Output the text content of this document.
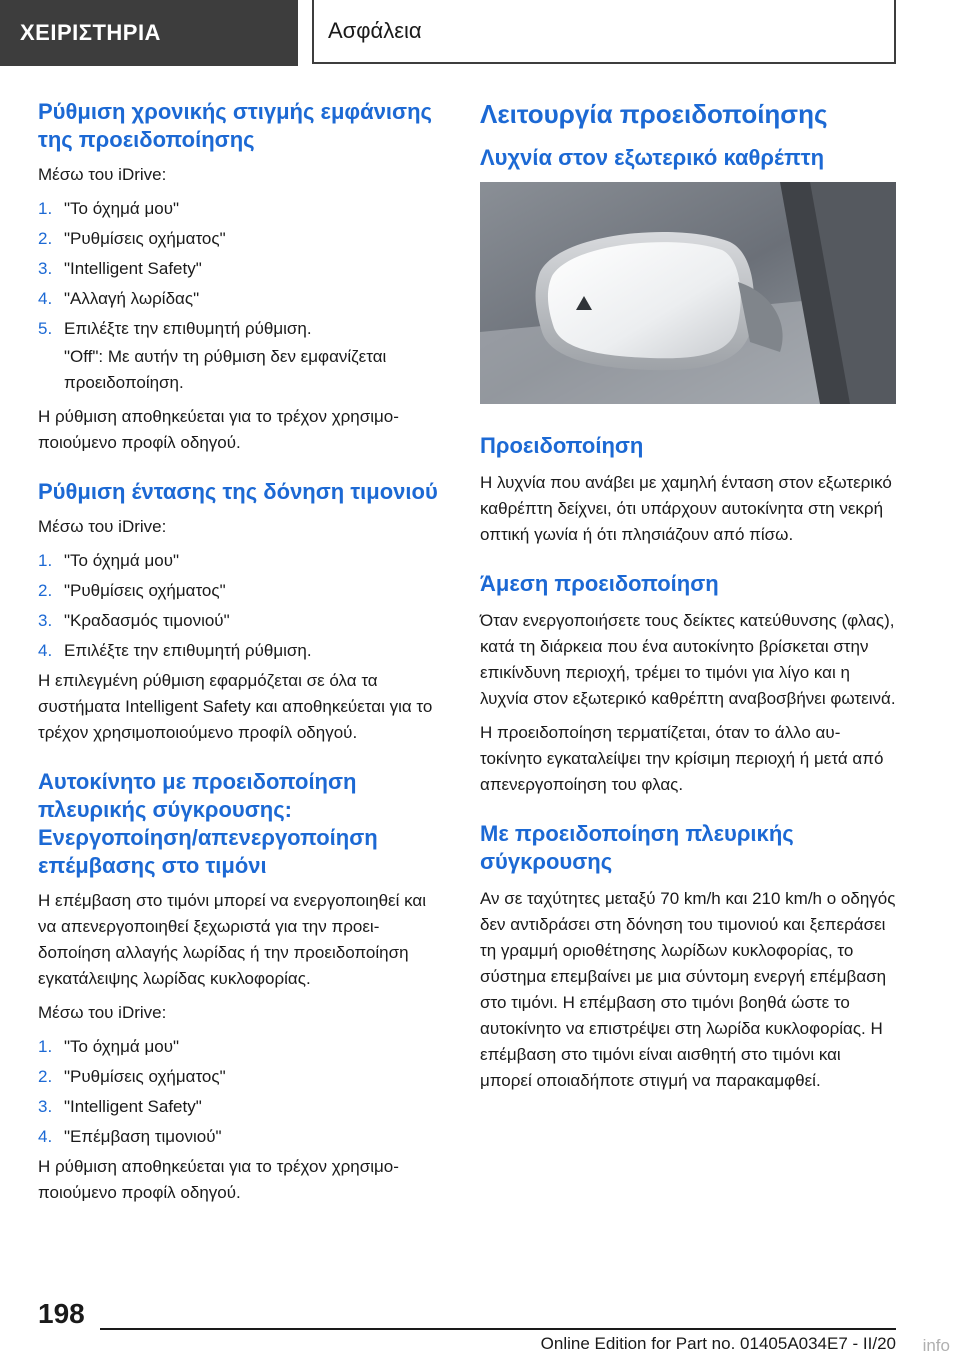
ΧΕΙΡΙΣΤΗΡΙΑ	Ασφάλεια
Ρύθμιση χρονικής στιγμής εμφάνισης της προειδοποίησης

Μέσω του iDrive:

1. "Το όχημά μου"
2. "Ρυθμίσεις οχήματος"
3. "Intelligent Safety"
4. "Αλλαγή λωρίδας"
5. Επιλέξτε την επιθυμητή ρύθμιση.

"Off": Με αυτήν τη ρύθμιση δεν εμφανίζεται προειδοποίηση.

Η ρύθμιση αποθηκεύεται για το τρέχον χρησιμοποιούμενο προφίλ οδηγού.

Ρύθμιση έντασης της δόνηση τιμονιού

Μέσω του iDrive:

1. "Το όχημά μου"
2. "Ρυθμίσεις οχήματος"
3. "Κραδασμός τιμονιού"
4. Επιλέξτε την επιθυμητή ρύθμιση.

Η επιλεγμένη ρύθμιση εφαρμόζεται σε όλα τα συστήματα Intelligent Safety και αποθηκεύεται για το τρέχον χρησιμοποιούμενο προφίλ οδηγού.

Αυτοκίνητο με προειδοποίηση πλευρικής σύγκρουσης: Ενεργοποίηση/απενεργοποίηση επέμβασης στο τιμόνι

Η επέμβαση στο τιμόνι μπορεί να ενεργοποιηθεί και να απενεργοποιηθεί ξεχωριστά για την προειδοποίηση αλλαγής λωρίδας ή την προειδοποίηση εγκατάλειψης λωρίδας κυκλοφορίας.

Μέσω του iDrive:

1. "Το όχημά μου"
2. "Ρυθμίσεις οχήματος"
3. "Intelligent Safety"
4. "Επέμβαση τιμονιού"

Η ρύθμιση αποθηκεύεται για το τρέχον χρησιμοποιούμενο προφίλ οδηγού.

Λειτουργία προειδοποίησης
Λυχνία στον εξωτερικό καθρέπτη
Προειδοποίηση

Η λυχνία που ανάβει με χαμηλή ένταση στον εξωτερικό καθρέπτη δείχνει, ότι υπάρχουν αυτοκίνητα στη νεκρή οπτική γωνία ή ότι πλησιάζουν από πίσω.

Άμεση προειδοποίηση

Όταν ενεργοποιήσετε τους δείκτες κατεύθυνσης (φλας), κατά τη διάρκεια που ένα αυτοκίνητο βρίσκεται στην επικίνδυνη περιοχή, τρέμει το τιμόνι για λίγο και η λυχνία στον εξωτερικό καθρέπτη αναβοσβήνει φωτεινά.

Η προειδοποίηση τερματίζεται, όταν το άλλο αυτοκίνητο εγκαταλείψει την κρίσιμη περιοχή ή μετά από απενεργοποίηση του φλας.

Με προειδοποίηση πλευρικής σύγκρουσης

Αν σε ταχύτητες μεταξύ 70 km/h και 210 km/h ο οδηγός δεν αντιδράσει στη δόνηση του τιμονιού και ξεπεράσει τη γραμμή οριοθέτησης λωρίδων κυκλοφορίας, το σύστημα επεμβαίνει με μια σύντομη ενεργή επέμβαση στο τιμόνι. Η επέμβαση στο τιμόνι βοηθά ώστε το αυτοκίνητο να επιστρέψει στη λωρίδα κυκλοφορίας. Η επέμβαση στο τιμόνι είναι αισθητή στο τιμόνι και μπορεί οποιαδήποτε στιγμή να παρακαμφθεί.

198
Online Edition for Part no. 01405A034E7 - II/20 info
